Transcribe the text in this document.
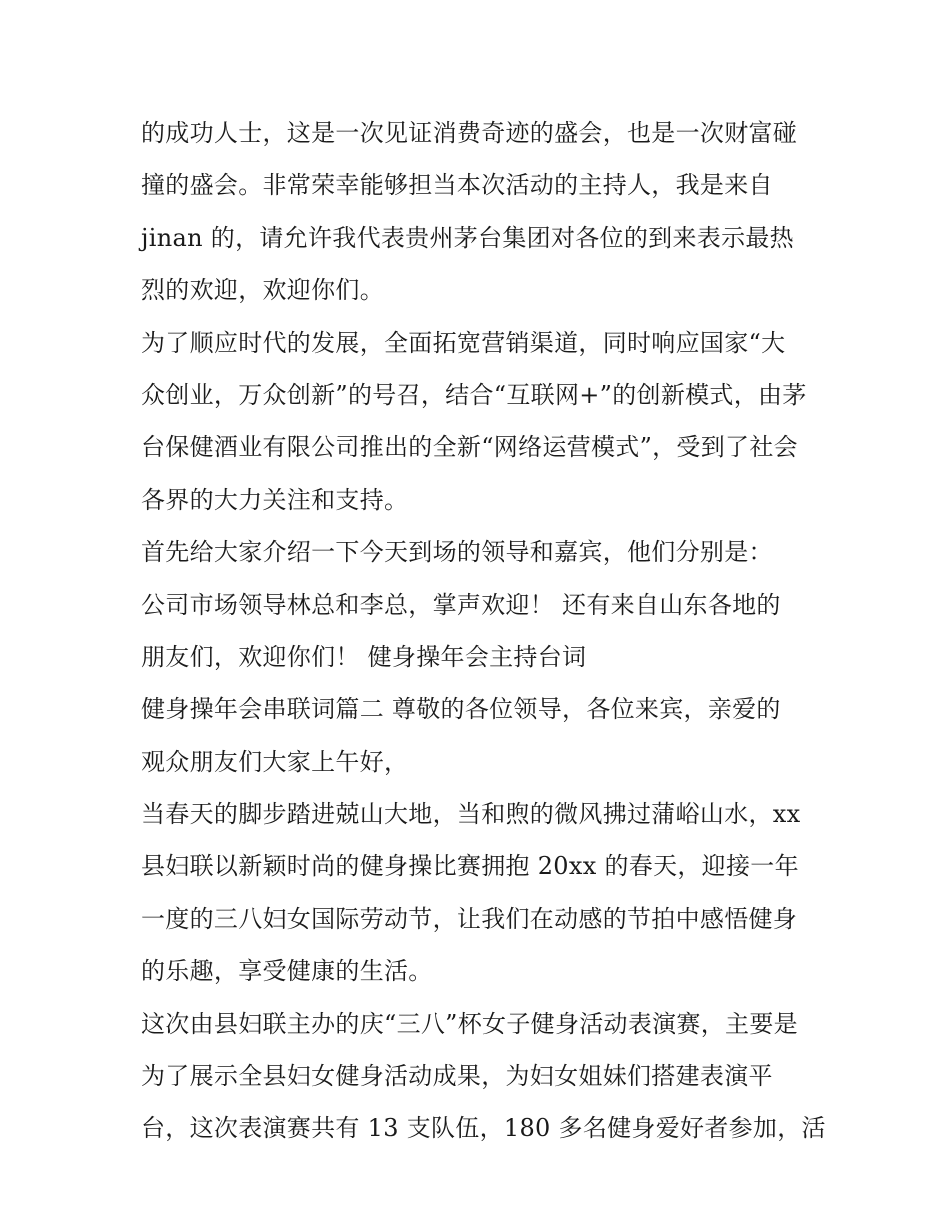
的成功人士，这是一次见证消费奇迹的盛会，也是一次财富碰
撞的盛会。非常荣幸能够担当本次活动的主持人，我是来自
jinan 的，请允许我代表贵州茅台集团对各位的到来表示最热
烈的欢迎，欢迎你们。
为了顺应时代的发展，全面拓宽营销渠道，同时响应国家“大
众创业，万众创新”的号召，结合“互联网+”的创新模式，由茅
台保健酒业有限公司推出的全新“网络运营模式”，受到了社会
各界的大力关注和支持。
首先给大家介绍一下今天到场的领导和嘉宾，他们分别是：
公司市场领导林总和李总，掌声欢迎！ 还有来自山东各地的
朋友们，欢迎你们！ 健身操年会主持台词
健身操年会串联词篇二 尊敬的各位领导，各位来宾，亲爱的
观众朋友们大家上午好，
当春天的脚步踏进兢山大地，当和煦的微风拂过蒲峪山水，xx
县妇联以新颖时尚的健身操比赛拥抱 20xx 的春天，迎接一年
一度的三八妇女国际劳动节，让我们在动感的节拍中感悟健身
的乐趣，享受健康的生活。
这次由县妇联主办的庆“三八”杯女子健身活动表演赛，主要是
为了展示全县妇女健身活动成果，为妇女姐妹们搭建表演平
台，这次表演赛共有 13 支队伍，180 多名健身爱好者参加，活
